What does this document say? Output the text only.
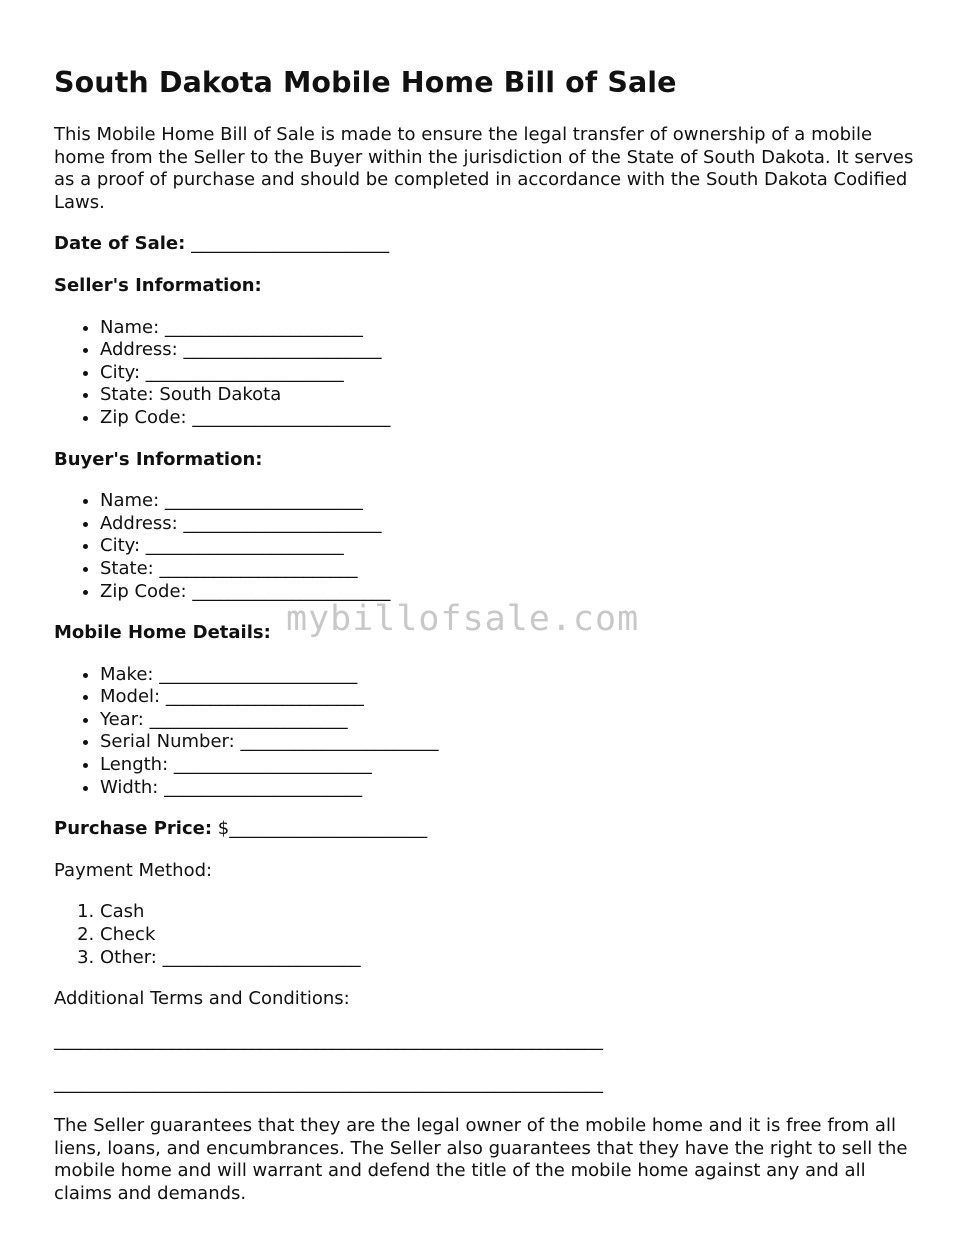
South Dakota Mobile Home Bill of Sale

This Mobile Home Bill of Sale is made to ensure the legal transfer of ownership of a mobile home from the Seller to the Buyer within the jurisdiction of the State of South Dakota. It serves as a proof of purchase and should be completed in accordance with the South Dakota Codified Laws.

Date of Sale: ______________________

Seller's Information:

• Name: ______________________
• Address: ______________________
• City: ______________________
• State: South Dakota
• Zip Code: ______________________

Buyer's Information:

• Name: ______________________
• Address: ______________________
• City: ______________________
• State: ______________________
• Zip Code: ______________________

Mobile Home Details: mybillofsale.com

• Make: ______________________
• Model: ______________________
• Year: ______________________
• Serial Number: ______________________
• Length: ______________________
• Width: ______________________

Purchase Price: $______________________

Payment Method:

1. Cash
2. Check
3. Other: ______________________

Additional Terms and Conditions:

_____________________________________________________________

_____________________________________________________________

The Seller guarantees that they are the legal owner of the mobile home and it is free from all liens, loans, and encumbrances. The Seller also guarantees that they have the right to sell the mobile home and will warrant and defend the title of the mobile home against any and all claims and demands.
